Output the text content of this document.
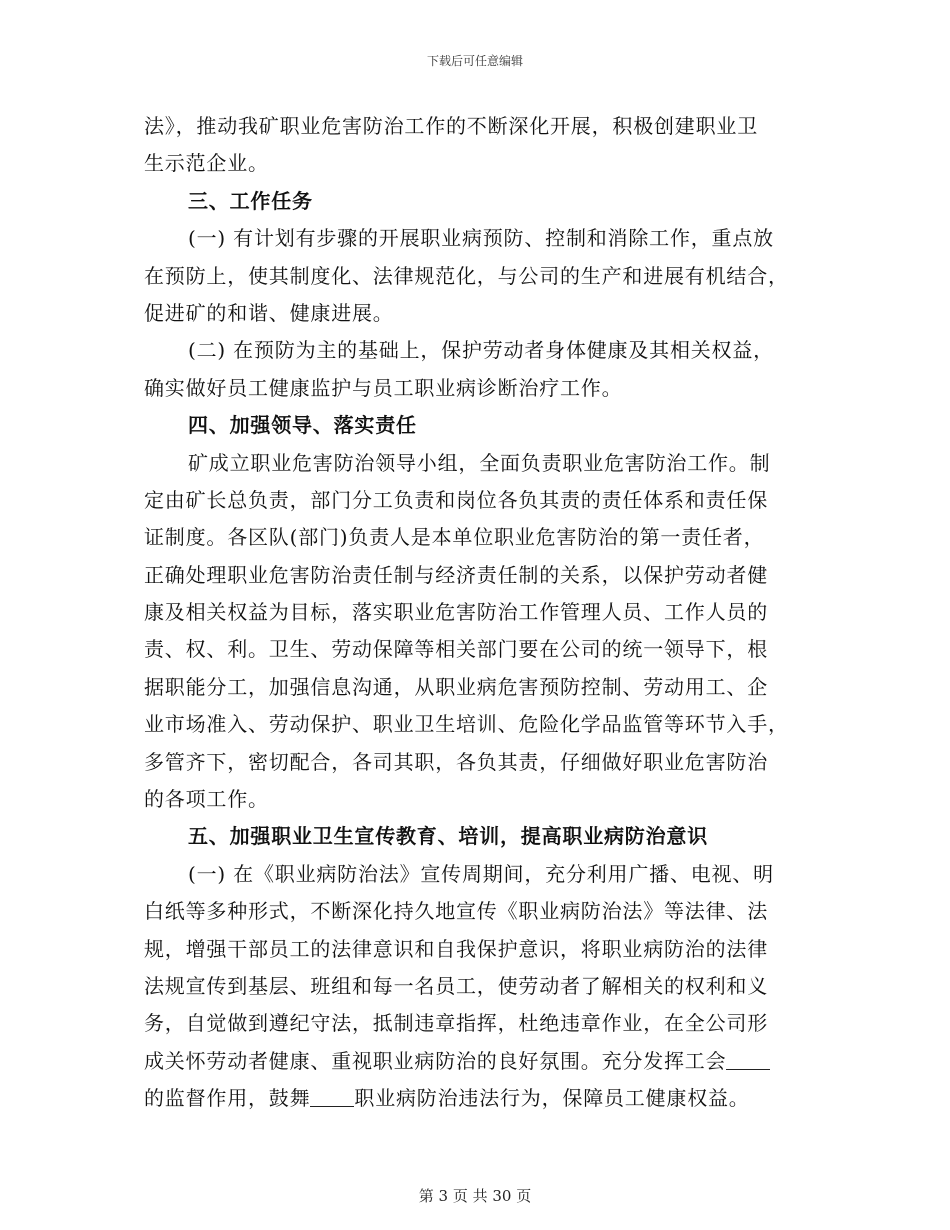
下载后可任意编辑
法》，推动我矿职业危害防治工作的不断深化开展，积极创建职业卫
生示范企业。
三、工作任务
(一) 有计划有步骤的开展职业病预防、控制和消除工作，重点放
在预防上，使其制度化、法律规范化，与公司的生产和进展有机结合，
促进矿的和谐、健康进展。
(二) 在预防为主的基础上，保护劳动者身体健康及其相关权益，
确实做好员工健康监护与员工职业病诊断治疗工作。
四、加强领导、落实责任
矿成立职业危害防治领导小组，全面负责职业危害防治工作。制
定由矿长总负责，部门分工负责和岗位各负其责的责任体系和责任保
证制度。各区队(部门)负责人是本单位职业危害防治的第一责任者，
正确处理职业危害防治责任制与经济责任制的关系，以保护劳动者健
康及相关权益为目标，落实职业危害防治工作管理人员、工作人员的
责、权、利。卫生、劳动保障等相关部门要在公司的统一领导下，根
据职能分工，加强信息沟通，从职业病危害预防控制、劳动用工、企
业市场准入、劳动保护、职业卫生培训、危险化学品监管等环节入手，
多管齐下，密切配合，各司其职，各负其责，仔细做好职业危害防治
的各项工作。
五、加强职业卫生宣传教育、培训，提高职业病防治意识
(一) 在《职业病防治法》宣传周期间，充分利用广播、电视、明
白纸等多种形式，不断深化持久地宣传《职业病防治法》等法律、法
规，增强干部员工的法律意识和自我保护意识，将职业病防治的法律
法规宣传到基层、班组和每一名员工，使劳动者了解相关的权利和义
务，自觉做到遵纪守法，抵制违章指挥，杜绝违章作业，在全公司形
成关怀劳动者健康、重视职业病防治的良好氛围。充分发挥工会
的监督作用，鼓舞 职业病防治违法行为，保障员工健康权益。
第 3 页 共 30 页
